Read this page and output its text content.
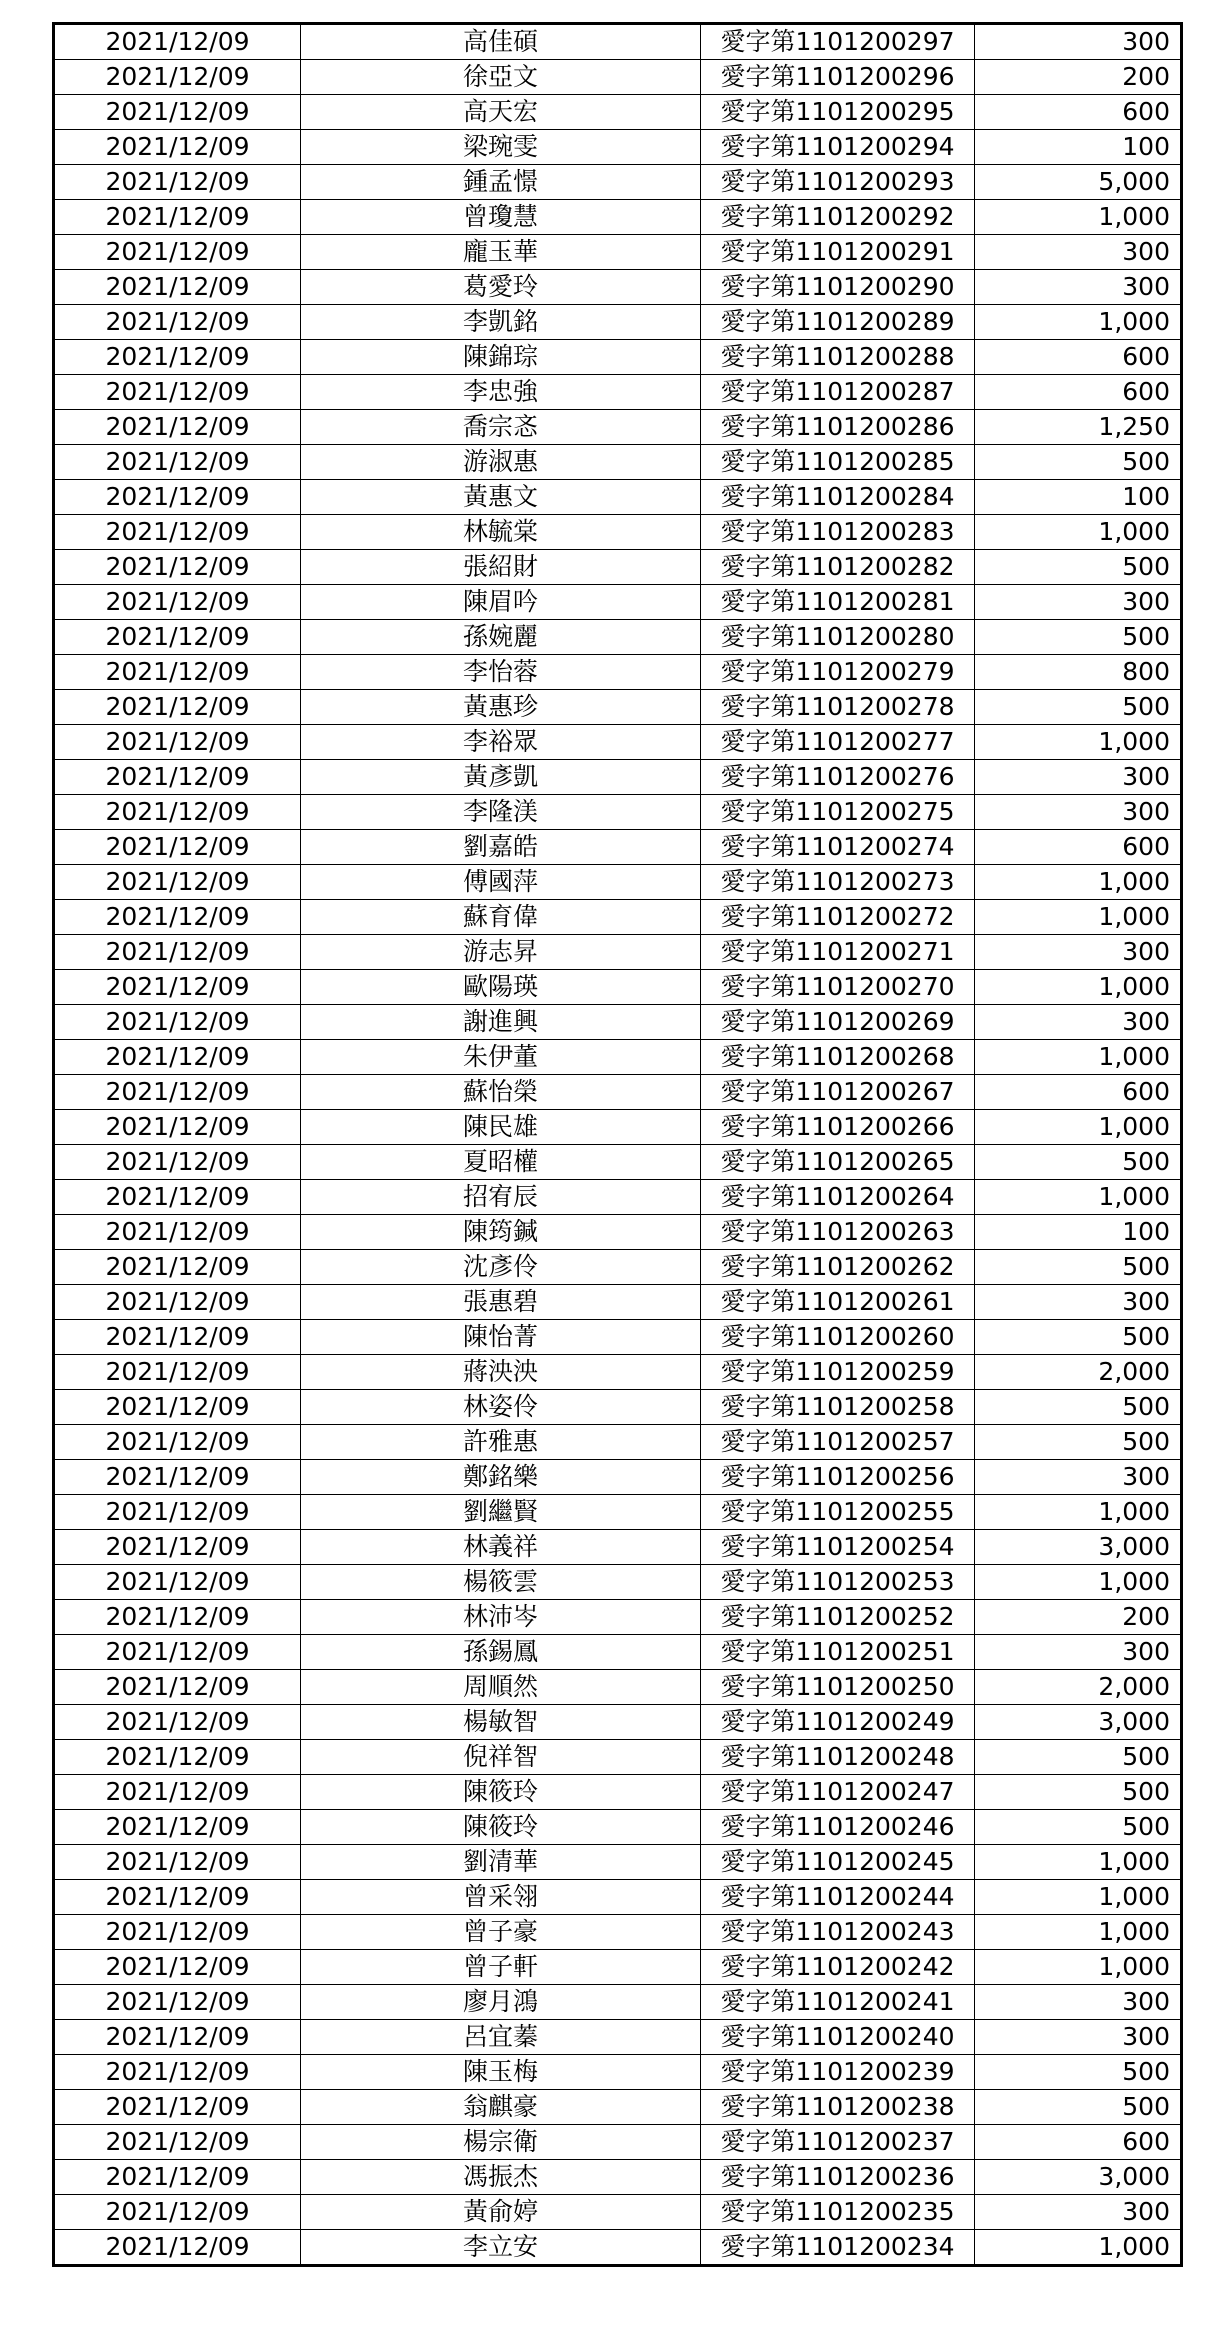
2021/12/09	高佳碩	愛字第1101200297	300
2021/12/09	徐亞文	愛字第1101200296	200
2021/12/09	高天宏	愛字第1101200295	600
2021/12/09	梁琬雯	愛字第1101200294	100
2021/12/09	鍾孟憬	愛字第1101200293	5,000
2021/12/09	曾瓊慧	愛字第1101200292	1,000
2021/12/09	龐玉華	愛字第1101200291	300
2021/12/09	葛愛玲	愛字第1101200290	300
2021/12/09	李凱銘	愛字第1101200289	1,000
2021/12/09	陳錦琮	愛字第1101200288	600
2021/12/09	李忠強	愛字第1101200287	600
2021/12/09	喬宗忞	愛字第1101200286	1,250
2021/12/09	游淑惠	愛字第1101200285	500
2021/12/09	黃惠文	愛字第1101200284	100
2021/12/09	林毓棠	愛字第1101200283	1,000
2021/12/09	張紹財	愛字第1101200282	500
2021/12/09	陳眉吟	愛字第1101200281	300
2021/12/09	孫婉麗	愛字第1101200280	500
2021/12/09	李怡蓉	愛字第1101200279	800
2021/12/09	黃惠珍	愛字第1101200278	500
2021/12/09	李裕眾	愛字第1101200277	1,000
2021/12/09	黃彥凱	愛字第1101200276	300
2021/12/09	李隆渼	愛字第1101200275	300
2021/12/09	劉嘉皓	愛字第1101200274	600
2021/12/09	傅國萍	愛字第1101200273	1,000
2021/12/09	蘇育偉	愛字第1101200272	1,000
2021/12/09	游志昇	愛字第1101200271	300
2021/12/09	歐陽瑛	愛字第1101200270	1,000
2021/12/09	謝進興	愛字第1101200269	300
2021/12/09	朱伊董	愛字第1101200268	1,000
2021/12/09	蘇怡榮	愛字第1101200267	600
2021/12/09	陳民雄	愛字第1101200266	1,000
2021/12/09	夏昭權	愛字第1101200265	500
2021/12/09	招宥辰	愛字第1101200264	1,000
2021/12/09	陳筠鍼	愛字第1101200263	100
2021/12/09	沈彥伶	愛字第1101200262	500
2021/12/09	張惠碧	愛字第1101200261	300
2021/12/09	陳怡菁	愛字第1101200260	500
2021/12/09	蔣泱泱	愛字第1101200259	2,000
2021/12/09	林姿伶	愛字第1101200258	500
2021/12/09	許雅惠	愛字第1101200257	500
2021/12/09	鄭銘樂	愛字第1101200256	300
2021/12/09	劉繼賢	愛字第1101200255	1,000
2021/12/09	林義祥	愛字第1101200254	3,000
2021/12/09	楊筱雲	愛字第1101200253	1,000
2021/12/09	林沛岑	愛字第1101200252	200
2021/12/09	孫錫鳳	愛字第1101200251	300
2021/12/09	周順然	愛字第1101200250	2,000
2021/12/09	楊敏智	愛字第1101200249	3,000
2021/12/09	倪祥智	愛字第1101200248	500
2021/12/09	陳筱玲	愛字第1101200247	500
2021/12/09	陳筱玲	愛字第1101200246	500
2021/12/09	劉清華	愛字第1101200245	1,000
2021/12/09	曾采翎	愛字第1101200244	1,000
2021/12/09	曾子豪	愛字第1101200243	1,000
2021/12/09	曾子軒	愛字第1101200242	1,000
2021/12/09	廖月鴻	愛字第1101200241	300
2021/12/09	呂宜蓁	愛字第1101200240	300
2021/12/09	陳玉梅	愛字第1101200239	500
2021/12/09	翁麒豪	愛字第1101200238	500
2021/12/09	楊宗衛	愛字第1101200237	600
2021/12/09	馮振杰	愛字第1101200236	3,000
2021/12/09	黃俞婷	愛字第1101200235	300
2021/12/09	李立安	愛字第1101200234	1,000
